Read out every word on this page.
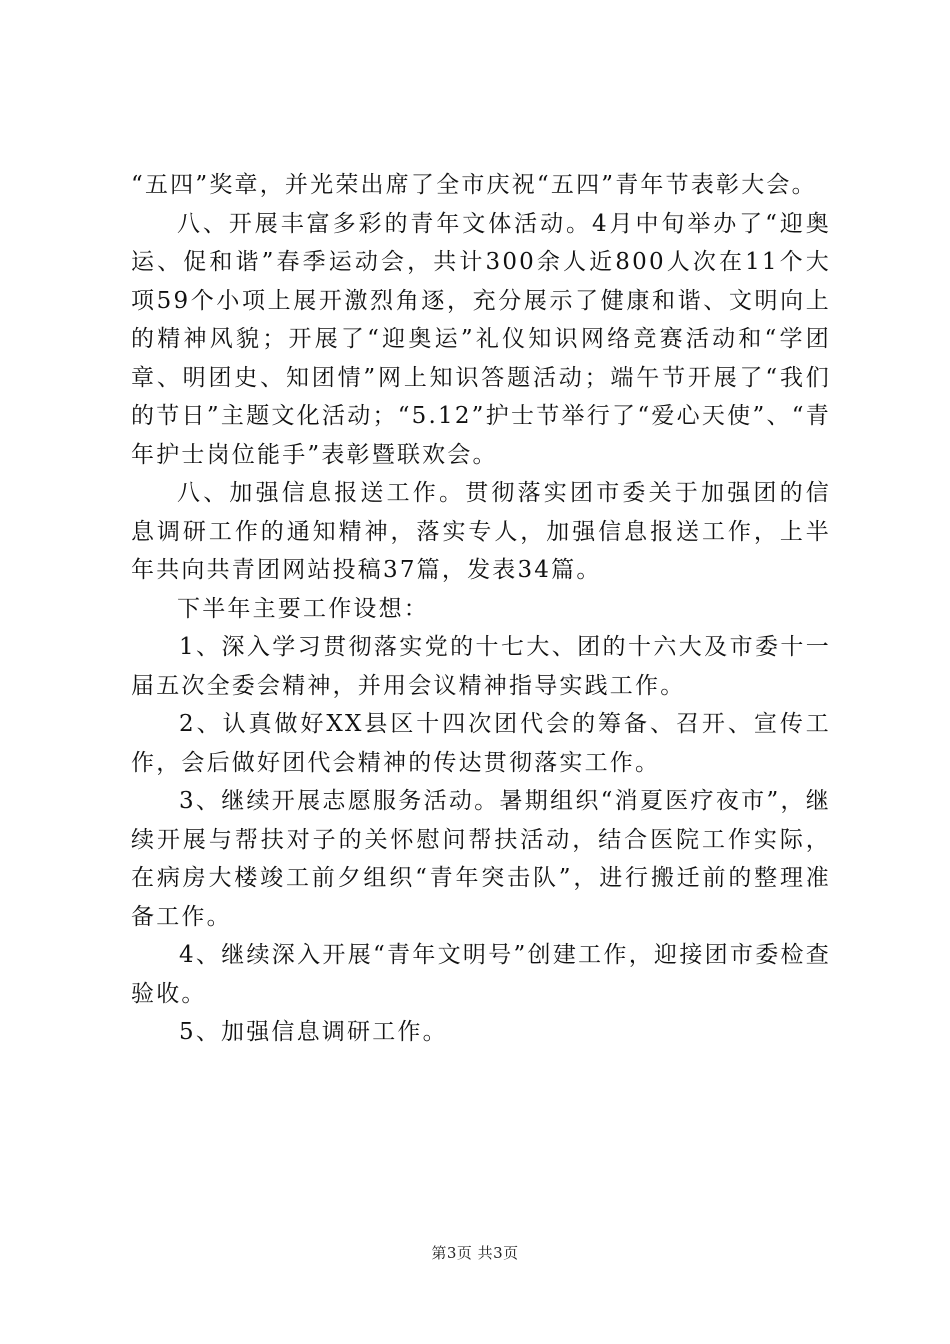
“五四”奖章，并光荣出席了全市庆祝“五四”青年节表彰大会。

八、开展丰富多彩的青年文体活动。4月中旬举办了“迎奥运、促和谐”春季运动会，共计300余人近800人次在11个大项59个小项上展开激烈角逐，充分展示了健康和谐、文明向上的精神风貌；开展了“迎奥运”礼仪知识网络竞赛活动和“学团章、明团史、知团情”网上知识答题活动；端午节开展了“我们的节日”主题文化活动；“5.12”护士节举行了“爱心天使”、“青年护士岗位能手”表彰暨联欢会。

八、加强信息报送工作。贯彻落实团市委关于加强团的信息调研工作的通知精神，落实专人，加强信息报送工作，上半年共向共青团网站投稿37篇，发表34篇。

下半年主要工作设想：

1、深入学习贯彻落实党的十七大、团的十六大及市委十一届五次全委会精神，并用会议精神指导实践工作。

2、认真做好XX县区十四次团代会的筹备、召开、宣传工作，会后做好团代会精神的传达贯彻落实工作。

3、继续开展志愿服务活动。暑期组织“消夏医疗夜市”，继续开展与帮扶对子的关怀慰问帮扶活动，结合医院工作实际，在病房大楼竣工前夕组织“青年突击队”，进行搬迁前的整理准备工作。

4、继续深入开展“青年文明号”创建工作，迎接团市委检查验收。

5、加强信息调研工作。

第3页 共3页
